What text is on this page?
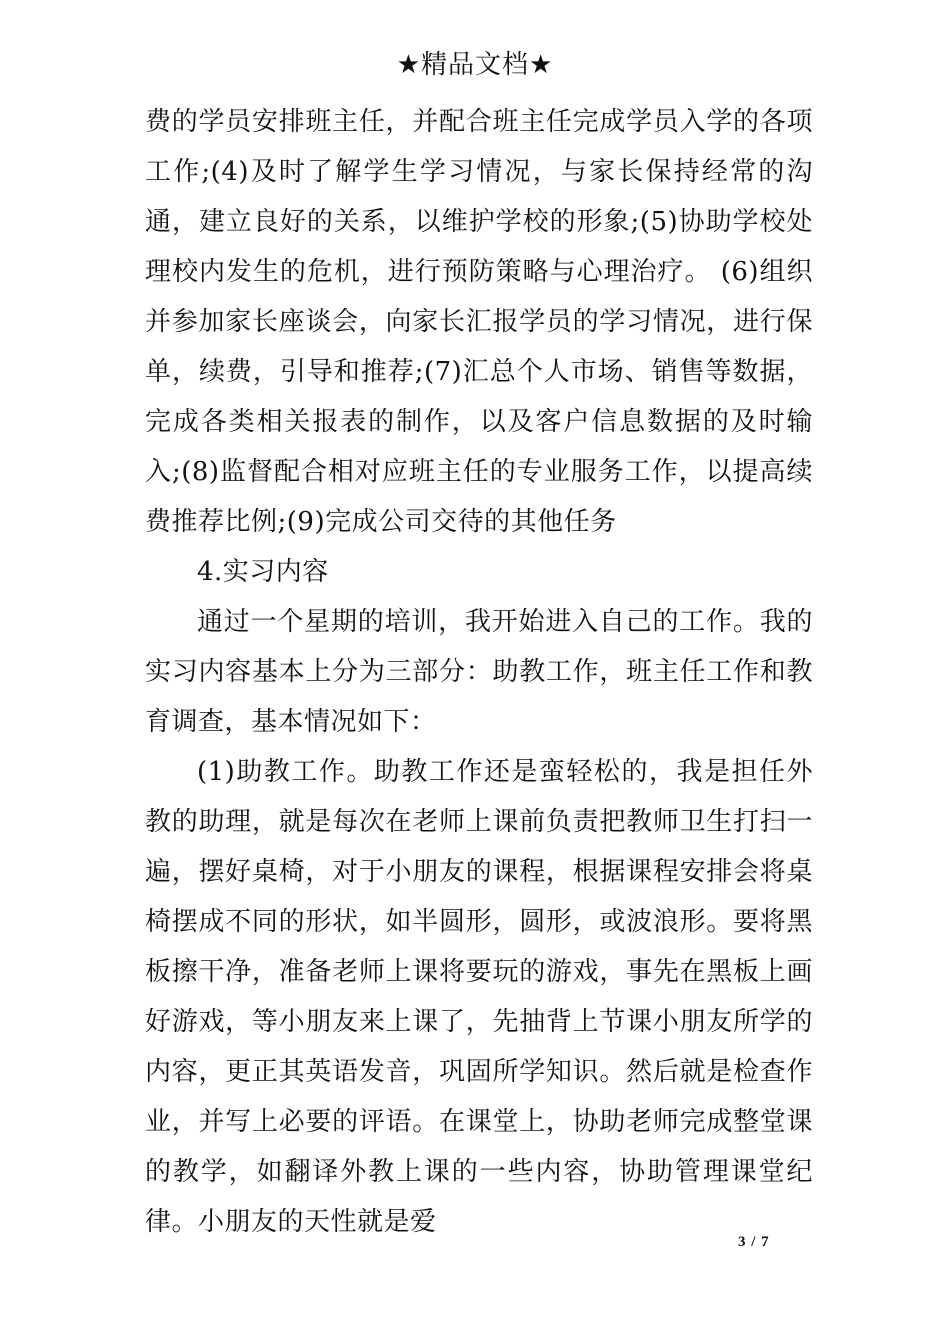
★精品文档★

费的学员安排班主任，并配合班主任完成学员入学的各项工作;(4)及时了解学生学习情况，与家长保持经常的沟通，建立良好的关系，以维护学校的形象;(5)协助学校处理校内发生的危机，进行预防策略与心理治疗。 (6)组织并参加家长座谈会，向家长汇报学员的学习情况，进行保单，续费，引导和推荐;(7)汇总个人市场、销售等数据，完成各类相关报表的制作，以及客户信息数据的及时输入;(8)监督配合相对应班主任的专业服务工作，以提高续费推荐比例;(9)完成公司交待的其他任务

4.实习内容

通过一个星期的培训，我开始进入自己的工作。我的实习内容基本上分为三部分：助教工作，班主任工作和教育调查，基本情况如下：

(1)助教工作。助教工作还是蛮轻松的，我是担任外教的助理，就是每次在老师上课前负责把教师卫生打扫一遍，摆好桌椅，对于小朋友的课程，根据课程安排会将桌椅摆成不同的形状，如半圆形，圆形，或波浪形。要将黑板擦干净，准备老师上课将要玩的游戏，事先在黑板上画好游戏，等小朋友来上课了，先抽背上节课小朋友所学的内容，更正其英语发音，巩固所学知识。然后就是检查作业，并写上必要的评语。在课堂上，协助老师完成整堂课的教学，如翻译外教上课的一些内容，协助管理课堂纪律。小朋友的天性就是爱

3 / 7
